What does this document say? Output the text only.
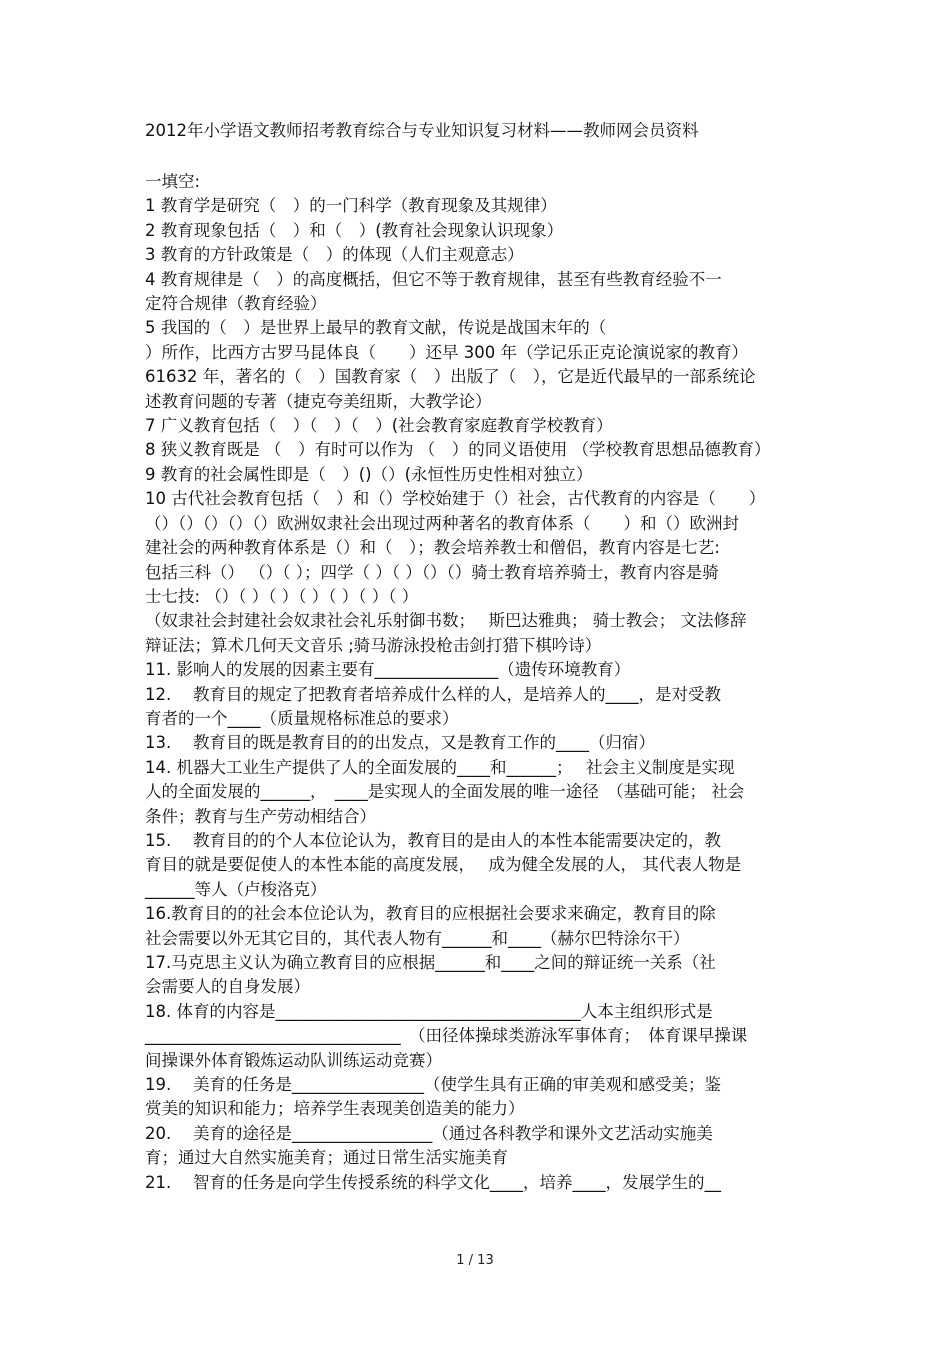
2012年小学语文教师招考教育综合与专业知识复习材料——教师网会员资料

一填空:

1 教育学是研究（　）的一门科学（教育现象及其规律）

2 教育现象包括（　）和（　）(教育社会现象认识现象）

3 教育的方针政策是（　）的体现（人们主观意志）

4 教育规律是（　）的高度概括，但它不等于教育规律，甚至有些教育经验不一

定符合规律（教育经验）

5 我国的（　）是世界上最早的教育文献，传说是战国末年的（

）所作，比西方古罗马昆体良（　　）还早 300 年（学记乐正克论演说家的教育）

61632 年，著名的（　）国教育家（　）出版了（　），它是近代最早的一部系统论

述教育问题的专著（捷克夸美纽斯，大教学论）

7 广义教育包括（　）（　）（　）(社会教育家庭教育学校教育）

8 狭义教育既是 （　）有时可以作为 （　）的同义语使用 （学校教育思想品德教育）

9 教育的社会属性即是（　）()（）(永恒性历史性相对独立）

10 古代社会教育包括（　）和（）学校始建于（）社会，古代教育的内容是（　　）

（）（）（）（）（）欧洲奴隶社会出现过两种著名的教育体系（　　）和（）欧洲封

建社会的两种教育体系是（）和（　）；教会培养教士和僧侣，教育内容是七艺:

包括三科（） （）（ ）；四学（ ）（ ）（）（）骑士教育培养骑士，教育内容是骑

士七技: （）（ ）（ ）（ ）（ ）（ ）（ ）

（奴隶社会封建社会奴隶社会礼乐射御书数；　 斯巴达雅典； 骑士教会； 文法修辞

辩证法；算术几何天文音乐 ;骑马游泳投枪击剑打猎下棋吟诗）

11. 影响人的发展的因素主要有_______________（遗传环境教育）

12.　 教育目的规定了把教育者培养成什么样的人，是培养人的____，是对受教

育者的一个____（质量规格标准总的要求）

13.　 教育目的既是教育目的的出发点，又是教育工作的____（归宿）

14. 机器大工业生产提供了人的全面发展的____和______；　 社会主义制度是实现

人的全面发展的______，　____是实现人的全面发展的唯一途径　（基础可能； 社会

条件；教育与生产劳动相结合）

15.　 教育目的的个人本位论认为，教育目的是由人的本性本能需要决定的，教

育目的就是要促使人的本性本能的高度发展，　 成为健全发展的人， 其代表人物是

______等人（卢梭洛克）

16.教育目的的社会本位论认为，教育目的应根据社会要求来确定，教育目的除

社会需要以外无其它目的，其代表人物有______和____（赫尔巴特涂尔干）

17.马克思主义认为确立教育目的应根据______和____之间的辩证统一关系（社

会需要人的自身发展）

18. 体育的内容是_____________________________________人本主组织形式是

_______________________________　（田径体操球类游泳军事体育；　体育课早操课

间操课外体育锻炼运动队训练运动竞赛）

19.　 美育的任务是________________（使学生具有正确的审美观和感受美；鉴

赏美的知识和能力；培养学生表现美创造美的能力）

20.　 美育的途径是_________________（通过各科教学和课外文艺活动实施美

育；通过大自然实施美育；通过日常生活实施美育

21.　 智育的任务是向学生传授系统的科学文化____，培养____，发展学生的__

1 / 13
